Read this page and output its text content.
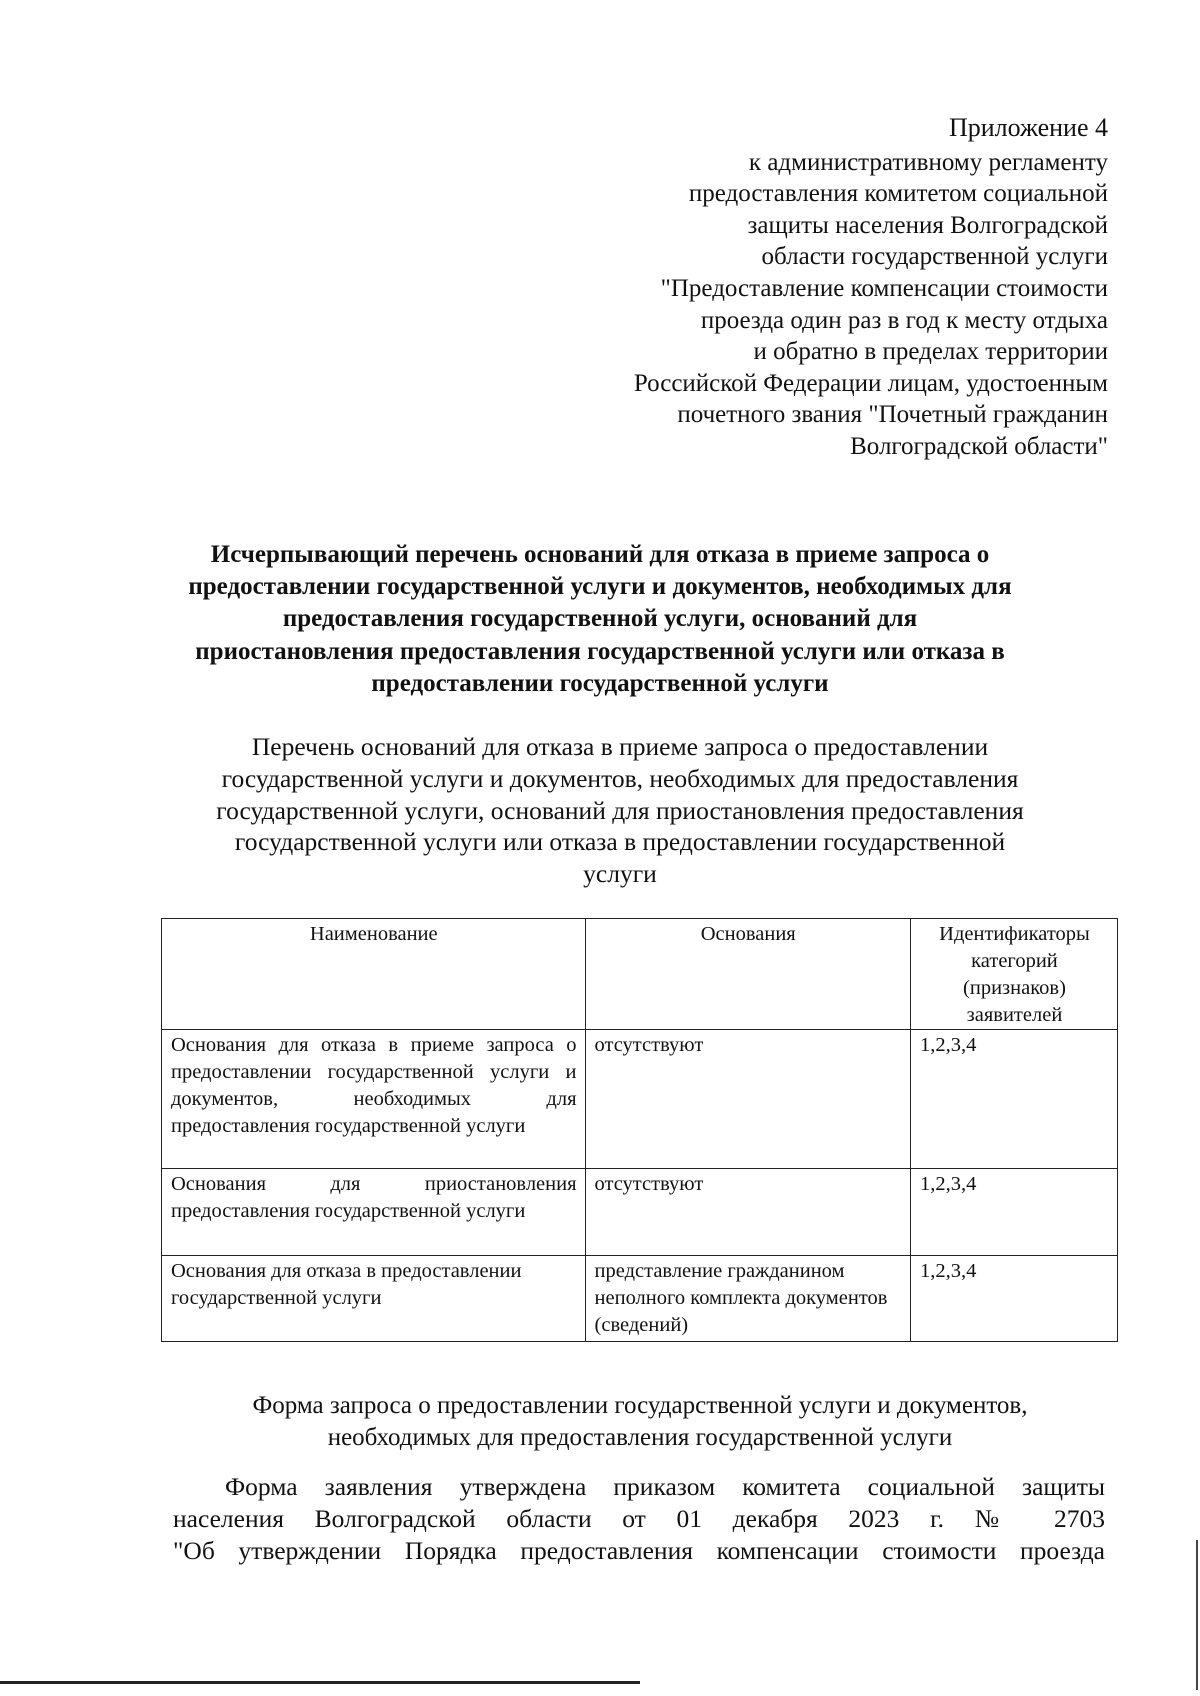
Приложение 4
к административному регламенту
предоставления комитетом социальной
защиты населения Волгоградской
области государственной услуги
"Предоставление компенсации стоимости
проезда один раз в год к месту отдыха
и обратно в пределах территории
Российской Федерации лицам, удостоенным
почетного звания "Почетный гражданин
Волгоградской области"
Исчерпывающий перечень оснований для отказа в приеме запроса о
предоставлении государственной услуги и документов, необходимых для
предоставления государственной услуги, оснований для
приостановления предоставления государственной услуги или отказа в
предоставлении государственной услуги
Перечень оснований для отказа в приеме запроса о предоставлении
государственной услуги и документов, необходимых для предоставления
государственной услуги, оснований для приостановления предоставления
государственной услуги или отказа в предоставлении государственной
услуги
Наименование	Основания	Идентификаторы категорий (признаков) заявителей
Основания для отказа в приеме запроса о предоставлении государственной услуги и документов, необходимых для предоставления государственной услуги	отсутствуют	1,2,3,4
Основания для приостановления предоставления государственной услуги	отсутствуют	1,2,3,4
Основания для отказа в предоставлении государственной услуги	представление гражданином неполного комплекта документов (сведений)	1,2,3,4
Форма запроса о предоставлении государственной услуги и документов,
необходимых для предоставления государственной услуги
Форма заявления утверждена приказом комитета социальной защиты
населения Волгоградской области от 01 декабря 2023 г. № 2703
"Об утверждении Порядка предоставления компенсации стоимости проезда
